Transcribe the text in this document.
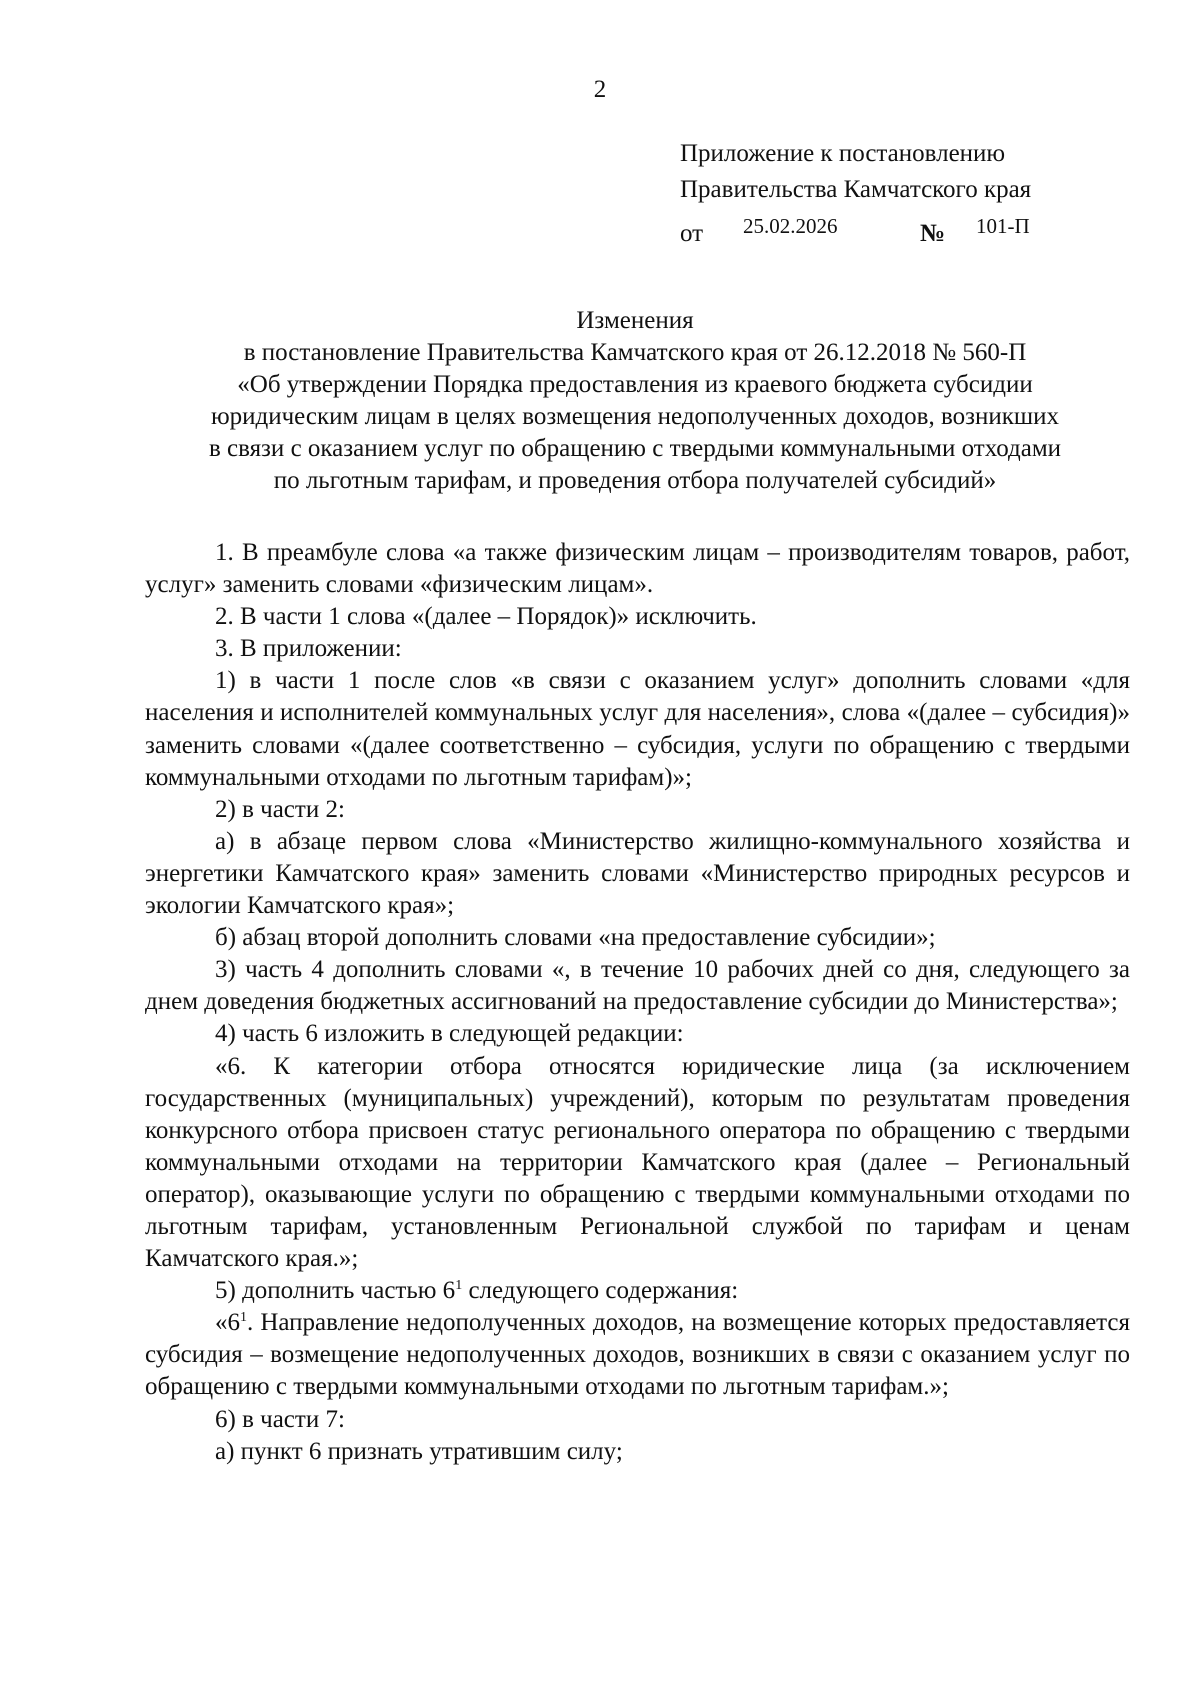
2
Приложение к постановлению
Правительства Камчатского края
от 25.02.2026	№ 101-П
Изменения
в постановление Правительства Камчатского края от 26.12.2018 № 560-П
«Об утверждении Порядка предоставления из краевого бюджета субсидии
юридическим лицам в целях возмещения недополученных доходов, возникших
в связи с оказанием услуг по обращению с твердыми коммунальными отходами
по льготным тарифам, и проведения отбора получателей субсидий»

1. В преамбуле слова «а также физическим лицам – производителям товаров, работ, услуг» заменить словами «физическим лицам».

2. В части 1 слова «(далее – Порядок)» исключить.

3. В приложении:

1) в части 1 после слов «в связи с оказанием услуг» дополнить словами «для населения и исполнителей коммунальных услуг для населения», слова «(далее – субсидия)» заменить словами «(далее соответственно – субсидия, услуги по обращению с твердыми коммунальными отходами по льготным тарифам)»;

2) в части 2:

а) в абзаце первом слова «Министерство жилищно-коммунального хозяйства и энергетики Камчатского края» заменить словами «Министерство природных ресурсов и экологии Камчатского края»;

б) абзац второй дополнить словами «на предоставление субсидии»;

3) часть 4 дополнить словами «, в течение 10 рабочих дней со дня, следующего за днем доведения бюджетных ассигнований на предоставление субсидии до Министерства»;

4) часть 6 изложить в следующей редакции:

«6. К категории отбора относятся юридические лица (за исключением государственных (муниципальных) учреждений), которым по результатам проведения конкурсного отбора присвоен статус регионального оператора по обращению с твердыми коммунальными отходами на территории Камчатского края (далее – Региональный оператор), оказывающие услуги по обращению с твердыми коммунальными отходами по льготным тарифам, установленным Региональной службой по тарифам и ценам Камчатского края.»;

5) дополнить частью $6^1$ следующего содержания:

«$6^1$. Направление недополученных доходов, на возмещение которых предоставляется субсидия – возмещение недополученных доходов, возникших в связи с оказанием услуг по обращению с твердыми коммунальными отходами по льготным тарифам.»;

6) в части 7:

а) пункт 6 признать утратившим силу;
